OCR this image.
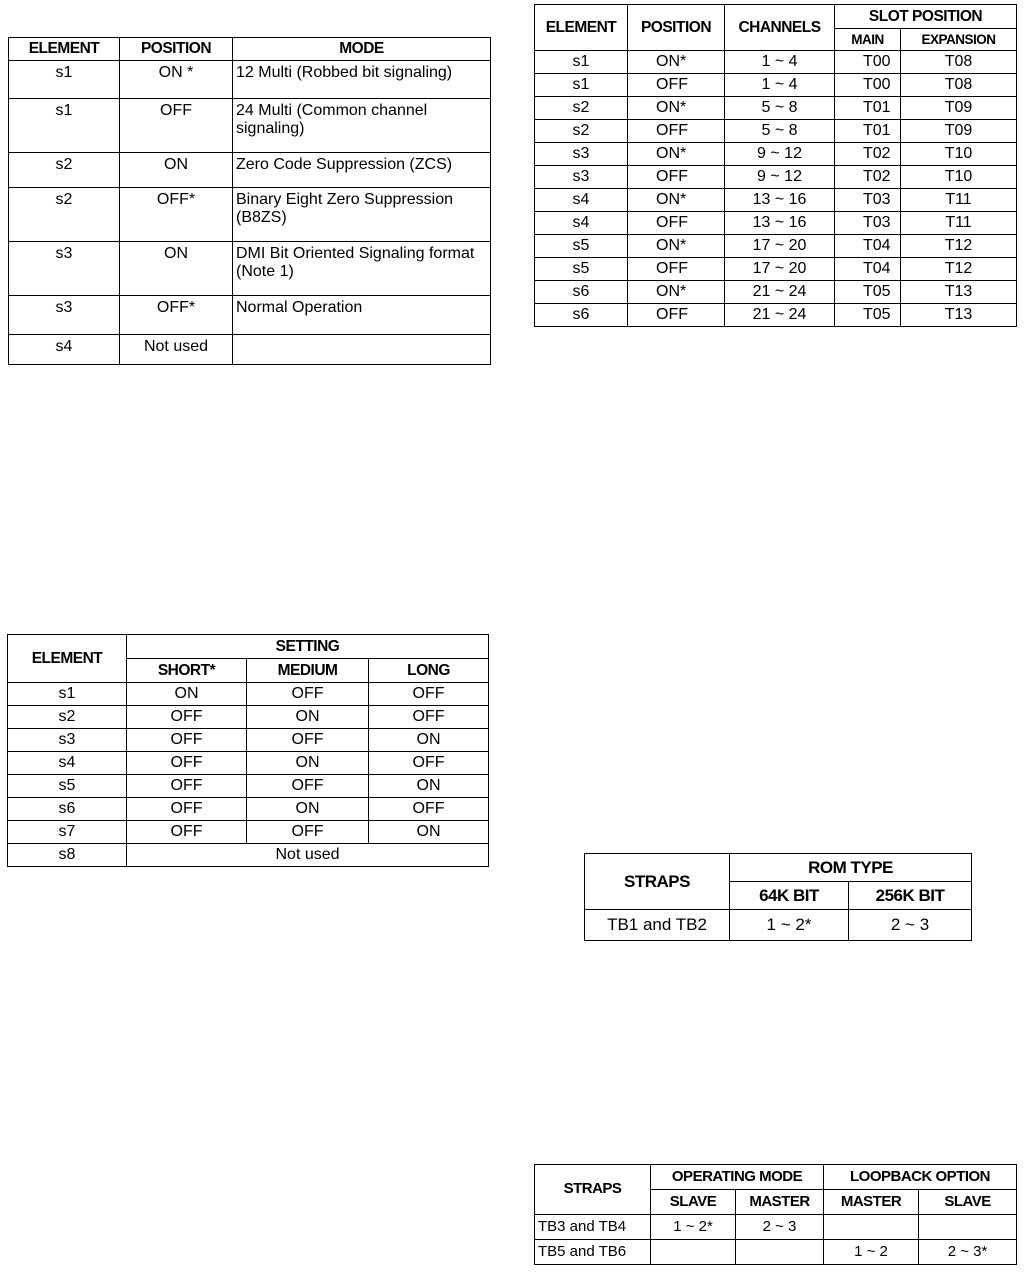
ELEMENT	POSITION	MODE
s1	ON *	12 Multi (Robbed bit signaling)
s1	OFF	24 Multi (Common channel signaling)
s2	ON	Zero Code Suppression (ZCS)
s2	OFF*	Binary Eight Zero Suppression (B8ZS)
s3	ON	DMI Bit Oriented Signaling format (Note 1)
s3	OFF*	Normal Operation
s4	Not used	
ELEMENT	POSITION	CHANNELS	SLOT POSITION	
			MAIN	EXPANSION
s1	ON*	1 ~ 4	T00	T08
s1	OFF	1 ~ 4	T00	T08
s2	ON*	5 ~ 8	T01	T09
s2	OFF	5 ~ 8	T01	T09
s3	ON*	9 ~ 12	T02	T10
s3	OFF	9 ~ 12	T02	T10
s4	ON*	13 ~ 16	T03	T11
s4	OFF	13 ~ 16	T03	T11
s5	ON*	17 ~ 20	T04	T12
s5	OFF	17 ~ 20	T04	T12
s6	ON*	21 ~ 24	T05	T13
s6	OFF	21 ~ 24	T05	T13
ELEMENT	SETTING		
	SHORT*	MEDIUM	LONG
s1	ON	OFF	OFF
s2	OFF	ON	OFF
s3	OFF	OFF	ON
s4	OFF	ON	OFF
s5	OFF	OFF	ON
s6	OFF	ON	OFF
s7	OFF	OFF	ON
s8	Not used		
STRAPS	ROM TYPE	
	64K BIT	256K BIT
TB1 and TB2	1 ~ 2*	2 ~ 3
STRAPS	OPERATING MODE		LOOPBACK OPTION	
	SLAVE	MASTER	MASTER	SLAVE
TB3 and TB4	1 ~ 2*	2 ~ 3		
TB5 and TB6			1 ~ 2	2 ~ 3*
